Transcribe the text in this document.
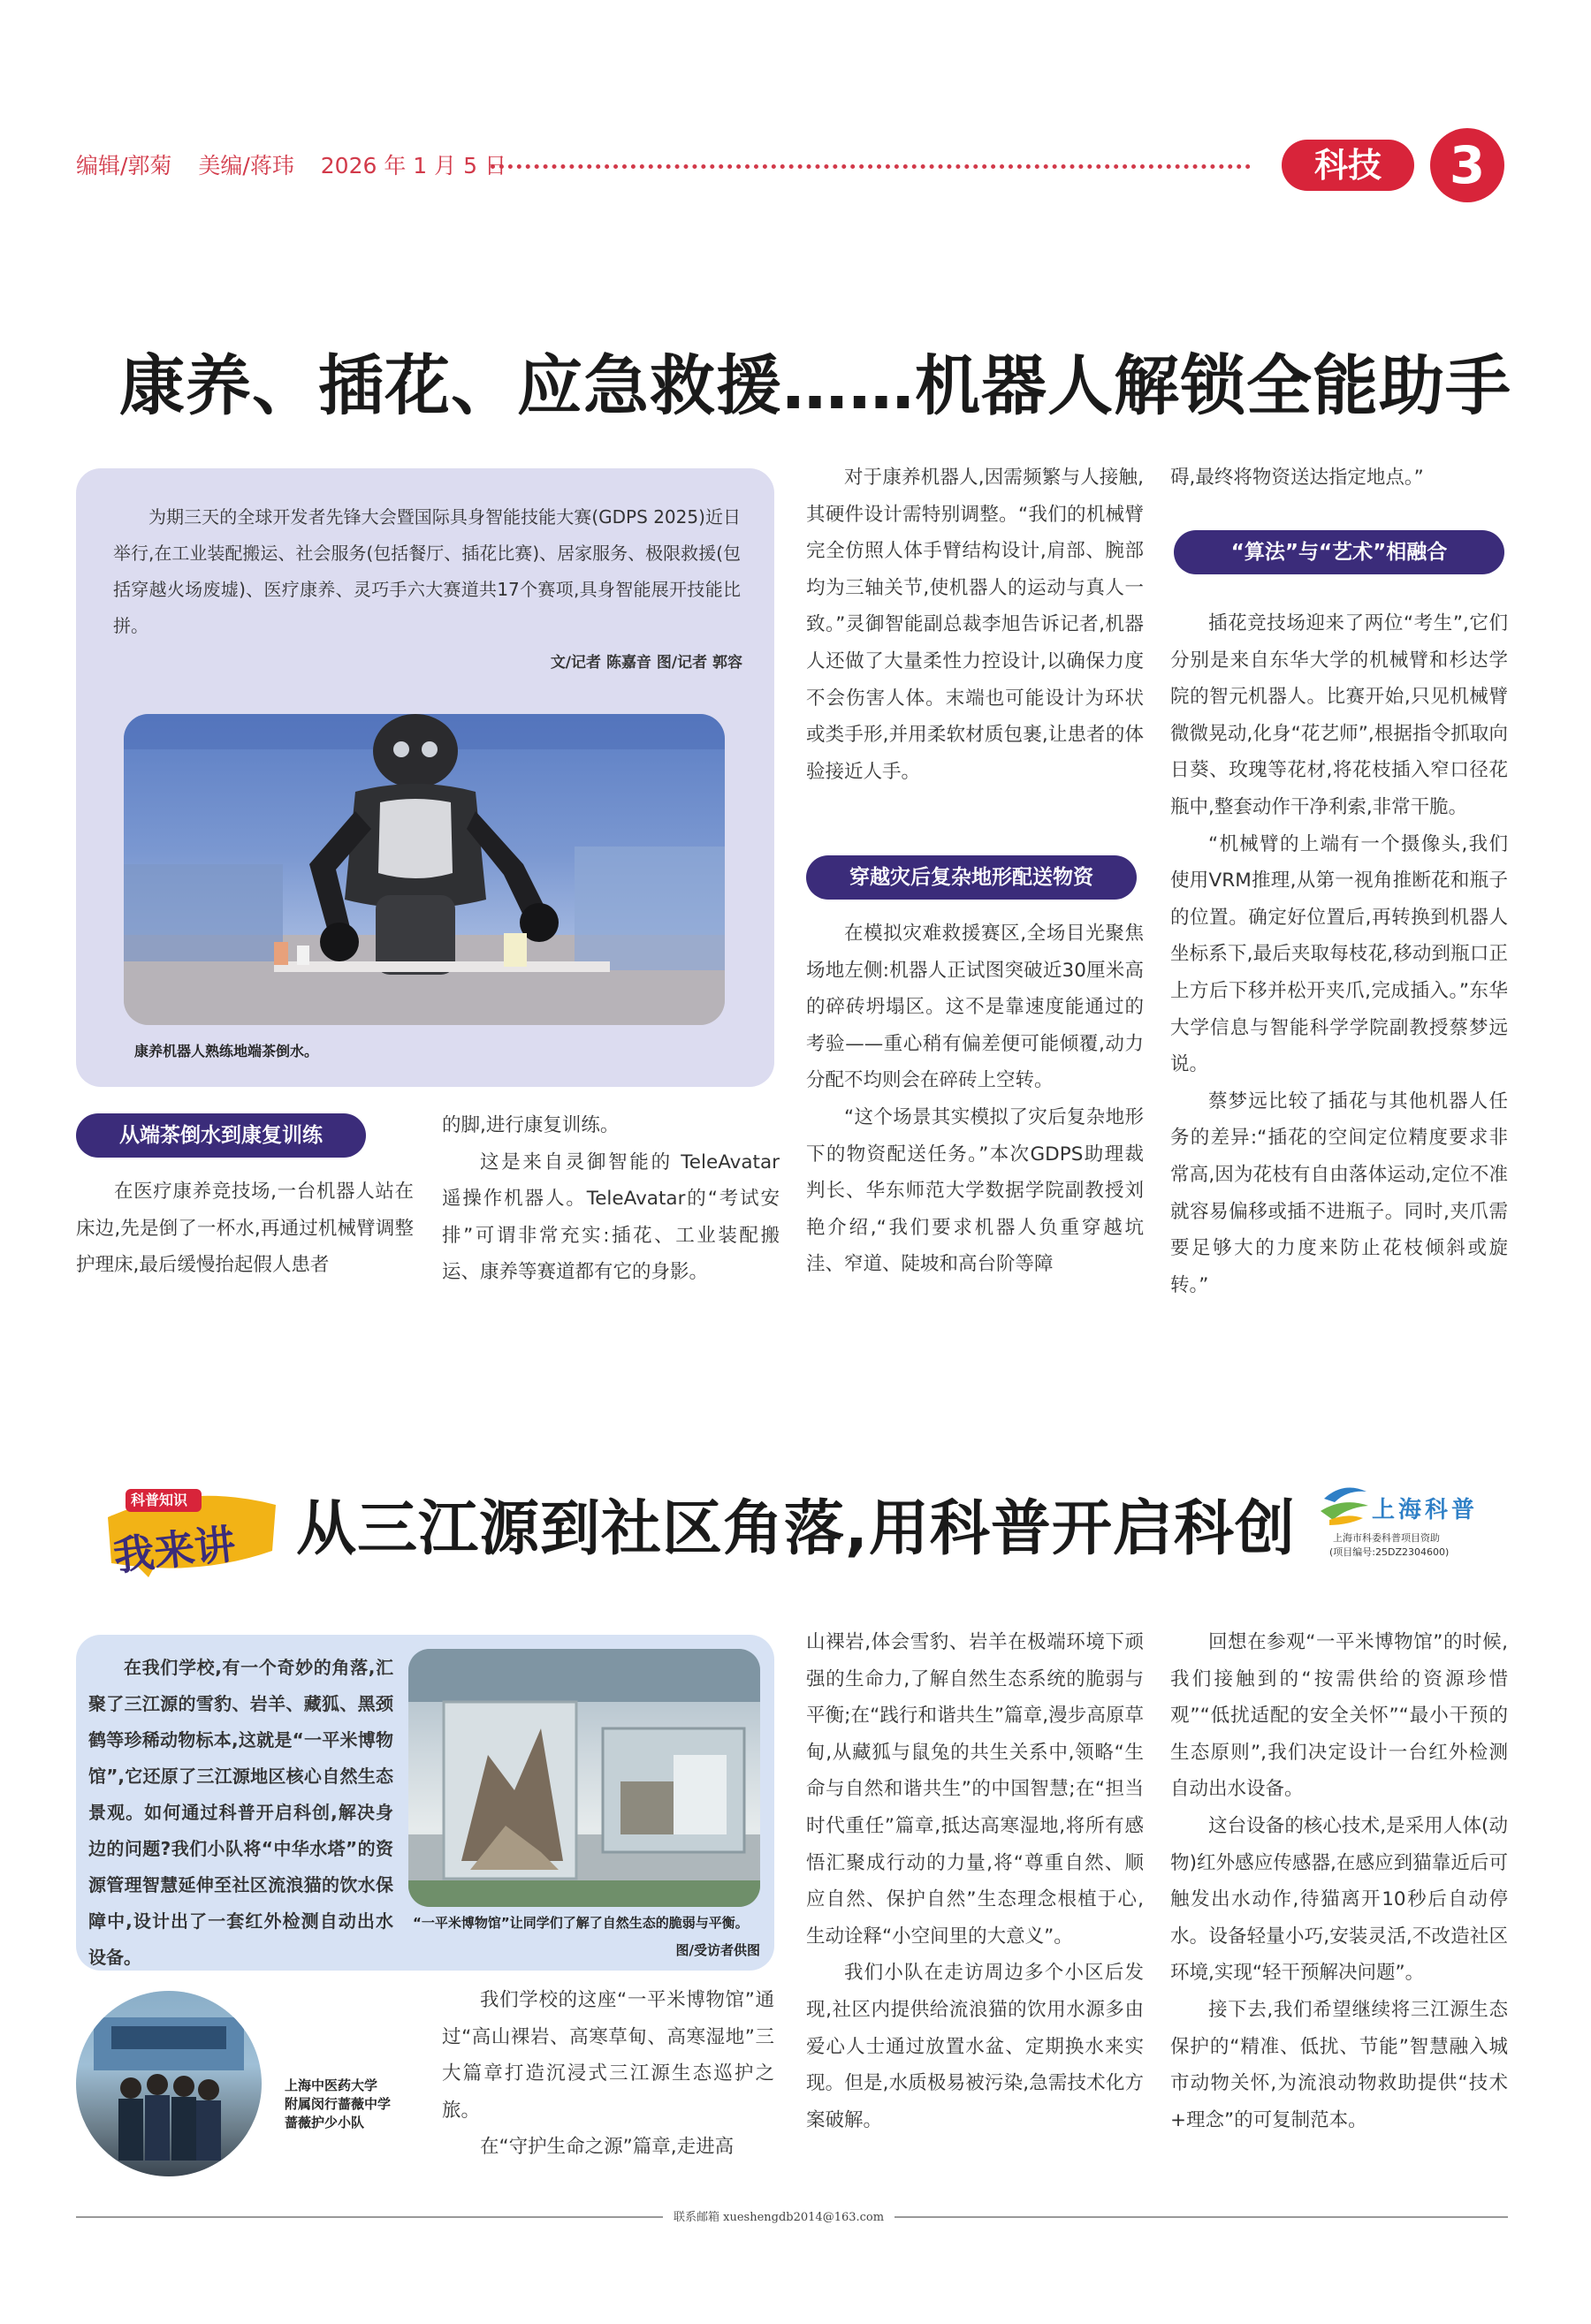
编辑/郭菊 美编/蒋玮 2026 年 1 月 5 日	科技	3
康养、插花、应急救援……机器人解锁全能助手

为期三天的全球开发者先锋大会暨国际具身智能技能大赛(GDPS 2025)近日举行,在工业装配搬运、社会服务(包括餐厅、插花比赛)、居家服务、极限救援(包括穿越火场废墟)、医疗康养、灵巧手六大赛道共17个赛项,具身智能展开技能比拼。

文/记者 陈嘉音 图/记者 郭容
康养机器人熟练地端茶倒水。
从端茶倒水到康复训练

在医疗康养竞技场,一台机器人站在床边,先是倒了一杯水,再通过机械臂调整护理床,最后缓慢抬起假人患者

的脚,进行康复训练。

这是来自灵御智能的 TeleAvatar 遥操作机器人。TeleAvatar的“考试安排”可谓非常充实:插花、工业装配搬运、康养等赛道都有它的身影。

对于康养机器人,因需频繁与人接触,其硬件设计需特别调整。“我们的机械臂完全仿照人体手臂结构设计,肩部、腕部均为三轴关节,使机器人的运动与真人一致。”灵御智能副总裁李旭告诉记者,机器人还做了大量柔性力控设计,以确保力度不会伤害人体。末端也可能设计为环状或类手形,并用柔软材质包裹,让患者的体验接近人手。

穿越灾后复杂地形配送物资

在模拟灾难救援赛区,全场目光聚焦场地左侧:机器人正试图突破近30厘米高的碎砖坍塌区。这不是靠速度能通过的考验——重心稍有偏差便可能倾覆,动力分配不均则会在碎砖上空转。

“这个场景其实模拟了灾后复杂地形下的物资配送任务。”本次GDPS助理裁判长、华东师范大学数据学院副教授刘艳介绍,“我们要求机器人负重穿越坑洼、窄道、陡坡和高台阶等障

碍,最终将物资送达指定地点。”

“算法”与“艺术”相融合

插花竞技场迎来了两位“考生”,它们分别是来自东华大学的机械臂和杉达学院的智元机器人。比赛开始,只见机械臂微微晃动,化身“花艺师”,根据指令抓取向日葵、玫瑰等花材,将花枝插入窄口径花瓶中,整套动作干净利索,非常干脆。

“机械臂的上端有一个摄像头,我们使用VRM推理,从第一视角推断花和瓶子的位置。确定好位置后,再转换到机器人坐标系下,最后夹取每枝花,移动到瓶口正上方后下移并松开夹爪,完成插入。”东华大学信息与智能科学学院副教授蔡梦远说。

蔡梦远比较了插花与其他机器人任务的差异:“插花的空间定位精度要求非常高,因为花枝有自由落体运动,定位不准就容易偏移或插不进瓶子。同时,夹爪需要足够大的力度来防止花枝倾斜或旋转。”

科普知识
我来讲 从三江源到社区角落,用科普开启科创	上海科普
上海市科委科普项目资助
(项目编号:25DZ2304600)

在我们学校,有一个奇妙的角落,汇聚了三江源的雪豹、岩羊、藏狐、黑颈鹤等珍稀动物标本,这就是“一平米博物馆”,它还原了三江源地区核心自然生态景观。如何通过科普开启科创,解决身边的问题?我们小队将“中华水塔”的资源管理智慧延伸至社区流浪猫的饮水保障中,设计出了一套红外检测自动出水设备。

“一平米博物馆”让同学们了解了自然生态的脆弱与平衡。
图/受访者供图
上海中医药大学
附属闵行蔷薇中学
蔷薇护少小队

我们学校的这座“一平米博物馆”通过“高山裸岩、高寒草甸、高寒湿地”三大篇章打造沉浸式三江源生态巡护之旅。

在“守护生命之源”篇章,走进高

山裸岩,体会雪豹、岩羊在极端环境下顽强的生命力,了解自然生态系统的脆弱与平衡;在“践行和谐共生”篇章,漫步高原草甸,从藏狐与鼠兔的共生关系中,领略“生命与自然和谐共生”的中国智慧;在“担当时代重任”篇章,抵达高寒湿地,将所有感悟汇聚成行动的力量,将“尊重自然、顺应自然、保护自然”生态理念根植于心,生动诠释“小空间里的大意义”。

我们小队在走访周边多个小区后发现,社区内提供给流浪猫的饮用水源多由爱心人士通过放置水盆、定期换水来实现。但是,水质极易被污染,急需技术化方案破解。

回想在参观“一平米博物馆”的时候,我们接触到的“按需供给的资源珍惜观”“低扰适配的安全关怀”“最小干预的生态原则”,我们决定设计一台红外检测自动出水设备。

这台设备的核心技术,是采用人体(动物)红外感应传感器,在感应到猫靠近后可触发出水动作,待猫离开10秒后自动停水。设备轻量小巧,安装灵活,不改造社区环境,实现“轻干预解决问题”。

接下去,我们希望继续将三江源生态保护的“精准、低扰、节能”智慧融入城市动物关怀,为流浪动物救助提供“技术+理念”的可复制范本。

联系邮箱 xueshengdb2014@163.com
